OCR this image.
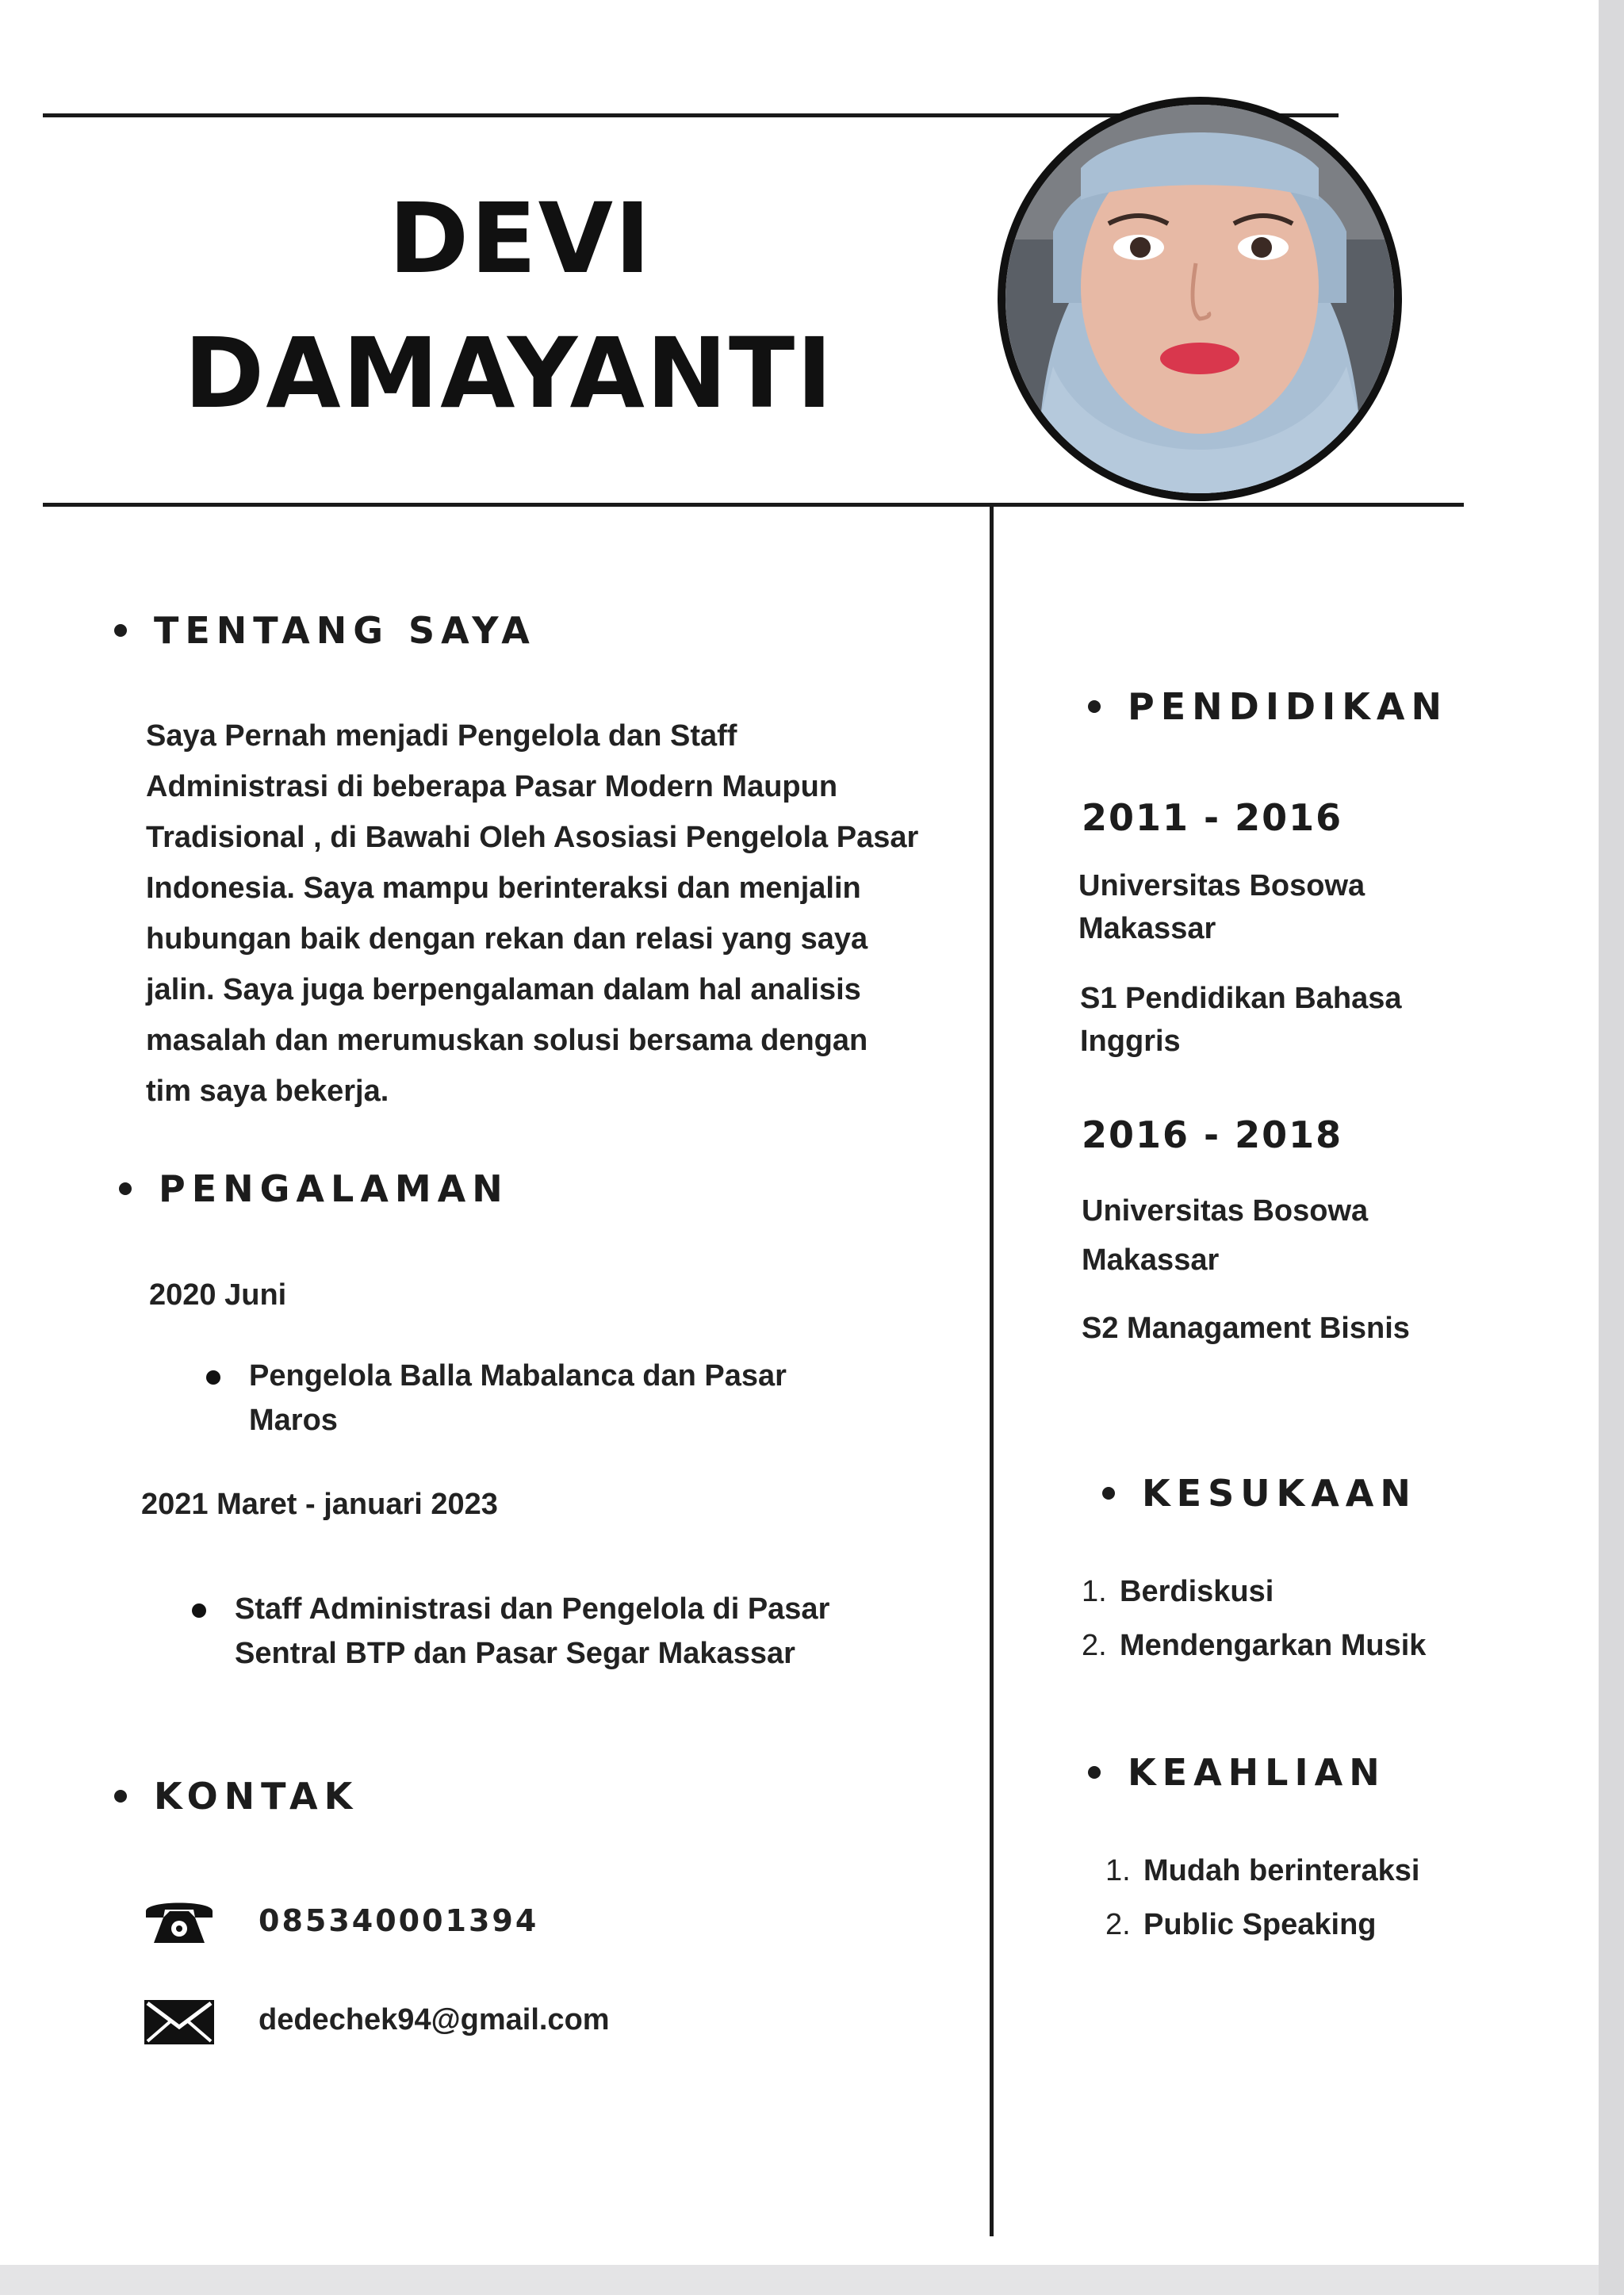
DEVI
DAMAYANTI
TENTANG SAYA
Saya Pernah menjadi Pengelola dan Staff
Administrasi di beberapa Pasar Modern Maupun
Tradisional , di Bawahi Oleh Asosiasi Pengelola Pasar
Indonesia. Saya mampu berinteraksi dan menjalin
hubungan baik dengan rekan dan relasi yang saya
jalin. Saya juga berpengalaman dalam hal analisis
masalah dan merumuskan solusi bersama dengan
tim saya bekerja.
PENGALAMAN
2020 Juni
Pengelola Balla Mabalanca dan Pasar
Maros
2021 Maret - januari 2023
Staff Administrasi dan Pengelola di Pasar
Sentral BTP dan Pasar Segar Makassar
KONTAK
085340001394
dedechek94@gmail.com
PENDIDIKAN
2011 - 2016
Universitas Bosowa
Makassar
S1 Pendidikan Bahasa
Inggris
2016 - 2018
Universitas Bosowa
Makassar
S2 Managament Bisnis
KESUKAAN
1. Berdiskusi
2. Mendengarkan Musik
KEAHLIAN
1. Mudah berinteraksi
2. Public Speaking
